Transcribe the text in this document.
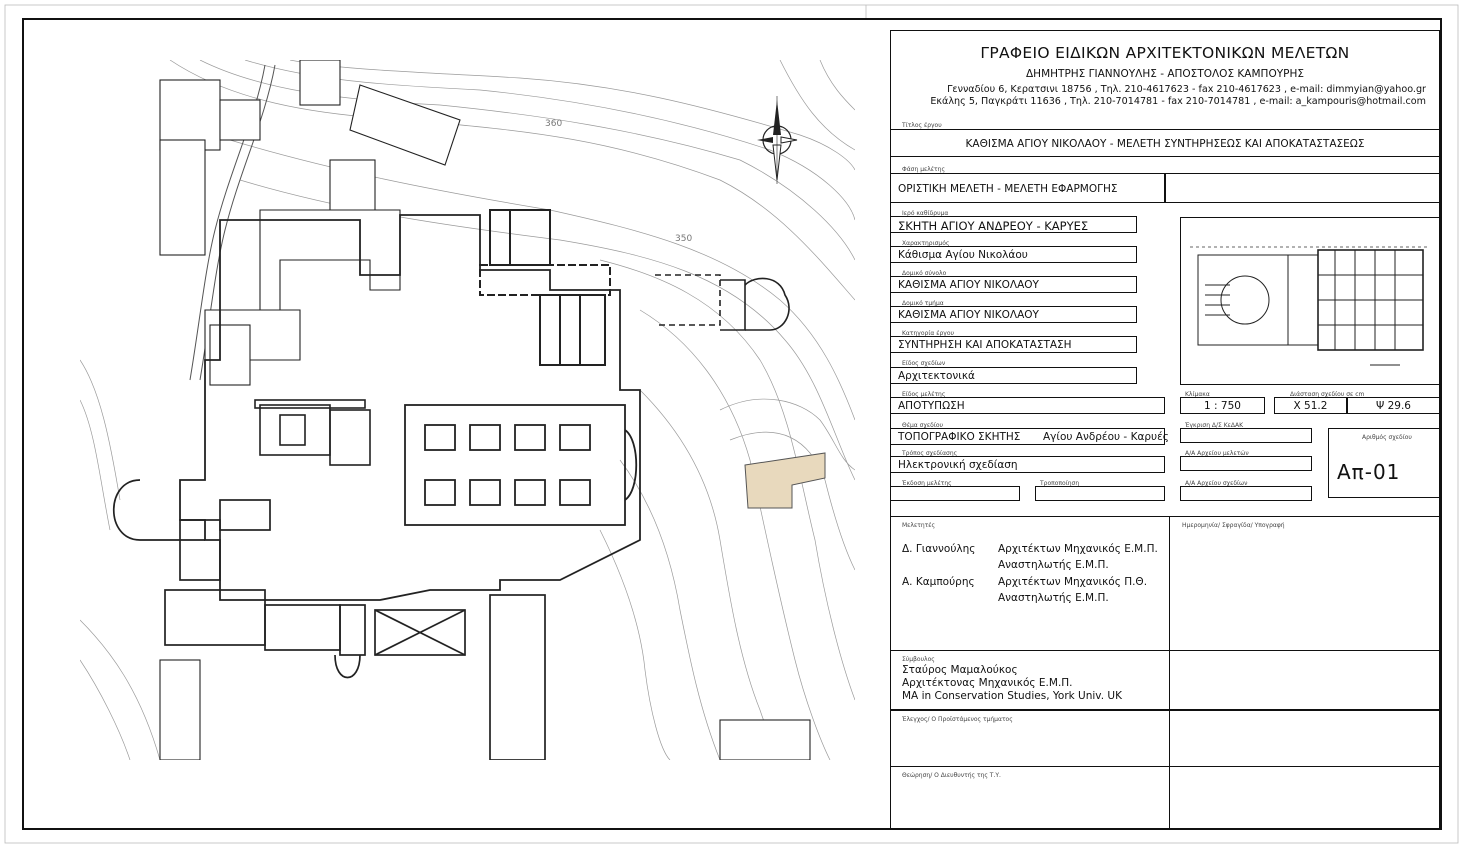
360
350
ΓΡΑΦΕΙΟ ΕΙΔΙΚΩΝ ΑΡΧΙΤΕΚΤΟΝΙΚΩΝ ΜΕΛΕΤΩΝ
ΔΗΜΗΤΡΗΣ ΓΙΑΝΝΟΥΛΗΣ - ΑΠΟΣΤΟΛΟΣ ΚΑΜΠΟΥΡΗΣ
Γενναδίου 6, Κερατσινι 18756 , Τηλ. 210-4617623 - fax 210-4617623 , e-mail: dimmyian@yahoo.gr
Εκάλης 5, Παγκράτι 11636 , Τηλ. 210-7014781 - fax 210-7014781 , e-mail: a_kampouris@hotmail.com
Τίτλος έργου
ΚΑΘΙΣΜΑ ΑΓΙΟΥ ΝΙΚΟΛΑΟΥ - ΜΕΛΕΤΗ ΣΥΝΤΗΡΗΣΕΩΣ ΚΑΙ ΑΠΟΚΑΤΑΣΤΑΣΕΩΣ
Φάση μελέτης
ΟΡΙΣΤΙΚΗ ΜΕΛΕΤΗ - ΜΕΛΕΤΗ ΕΦΑΡΜΟΓΗΣ
Ιερό καθίδρυμα
ΣΚΗΤΗ ΑΓΙΟΥ ΑΝΔΡΕΟΥ - ΚΑΡΥΕΣ
Χαρακτηρισμός
Κάθισμα Αγίου Νικολάου
Δομικό σύνολο
ΚΑΘΙΣΜΑ ΑΓΙΟΥ ΝΙΚΟΛΑΟΥ
Δομικό τμήμα
ΚΑΘΙΣΜΑ ΑΓΙΟΥ ΝΙΚΟΛΑΟΥ
Κατηγορία έργου
ΣΥΝΤΗΡΗΣΗ ΚΑΙ ΑΠΟΚΑΤΑΣΤΑΣΗ
Είδος σχεδίων
Αρχιτεκτονικά
Είδος μελέτης
ΑΠΟΤΥΠΩΣΗ
Κλίμακα
1 : 750
Διάσταση σχεδίου σε cm
Χ 51.2	Ψ 29.6
Θέμα σχεδίου
ΤΟΠΟΓΡΑΦΙΚΟ ΣΚΗΤΗΣ Αγίου Ανδρέου - Καρυές
Έγκριση Δ/Σ ΚεΔΑΚ
Αριθμός σχεδίου
Απ-01
Τρόπος σχεδίασης
Ηλεκτρονική σχεδίαση
Α/Α Αρχείου μελετών
Έκδοση μελέτης	Τροποποίηση	Α/Α Αρχείου σχεδίων
Μελετητές	Ημερομηνία/ Σφραγίδα/ Υπογραφή
Δ. Γιαννούλης Αρχιτέκτων Μηχανικός Ε.Μ.Π.
Αναστηλωτής Ε.Μ.Π.
Α. Καμπούρης Αρχιτέκτων Μηχανικός Π.Θ.
Αναστηλωτής Ε.Μ.Π.
Σύμβουλος
Σταύρος Μαμαλούκος
Αρχιτέκτονας Μηχανικός Ε.Μ.Π.
MA in Conservation Studies, York Univ. UK
Έλεγχος/ Ο Προϊστάμενος τμήματος
Θεώρηση/ Ο Διευθυντής της Τ.Υ.
